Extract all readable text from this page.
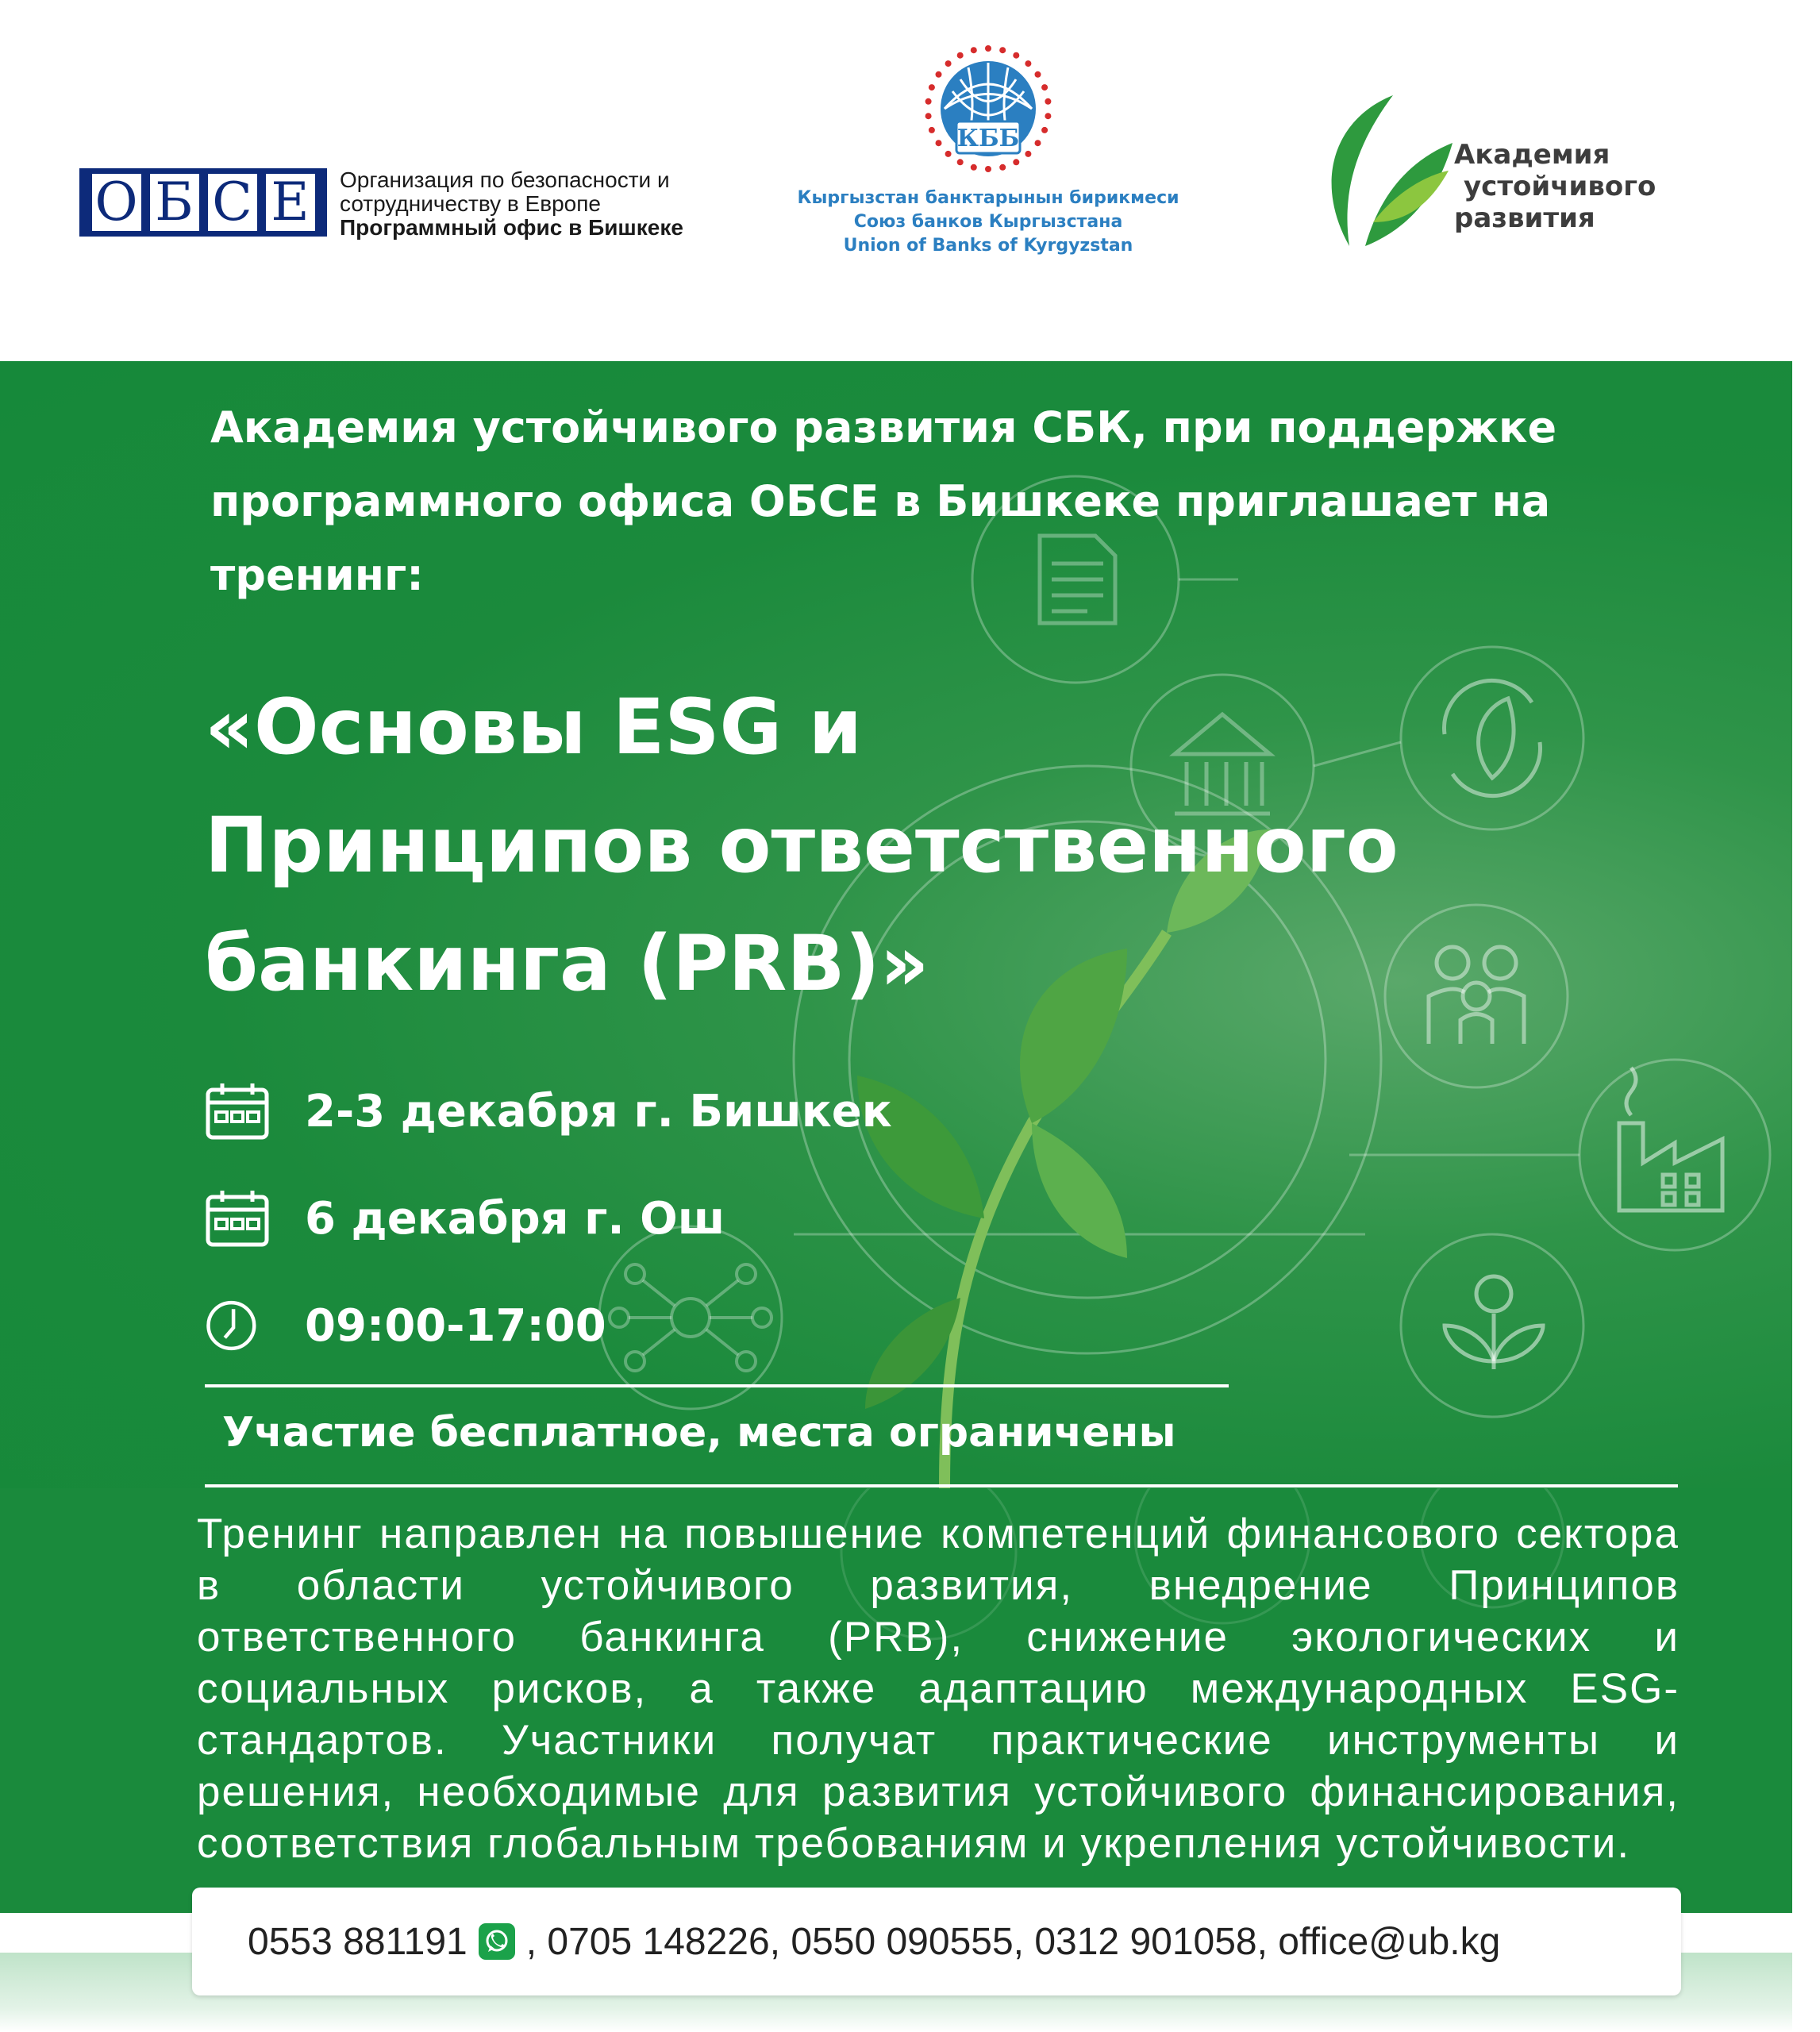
О Б С Е Организация по безопасности и
сотрудничеству в Европе
Программный офис в Бишкеке
КББ
Кыргызстан банктарынын бирикмеси
Союз банков Кыргызстана
Union of Banks of Kyrgyzstan
Академия
устойчивого
развития

Академия устойчивого развития СБК, при поддержке
программного офиса ОБСЕ в Бишкеке приглашает на
тренинг:

«Основы ESG и
Принципов ответственного
банкинга (PRB)»
2-3 декабря г. Бишкек
6 декабря г. Ош
09:00-17:00
Участие бесплатное, места ограничены

Тренинг направлен на повышение компетенций финансового сектора в области устойчивого развития, внедрение Принципов ответственного банкинга (PRB), снижение экологических и социальных рисков, а также адаптацию международных ESG-стандартов. Участники получат практические инструменты и решения, необходимые для развития устойчивого финансирования, соответствия глобальным требованиям и укрепления устойчивости.

0553 881191 , 0705 148226, 0550 090555, 0312 901058, office@ub.kg
